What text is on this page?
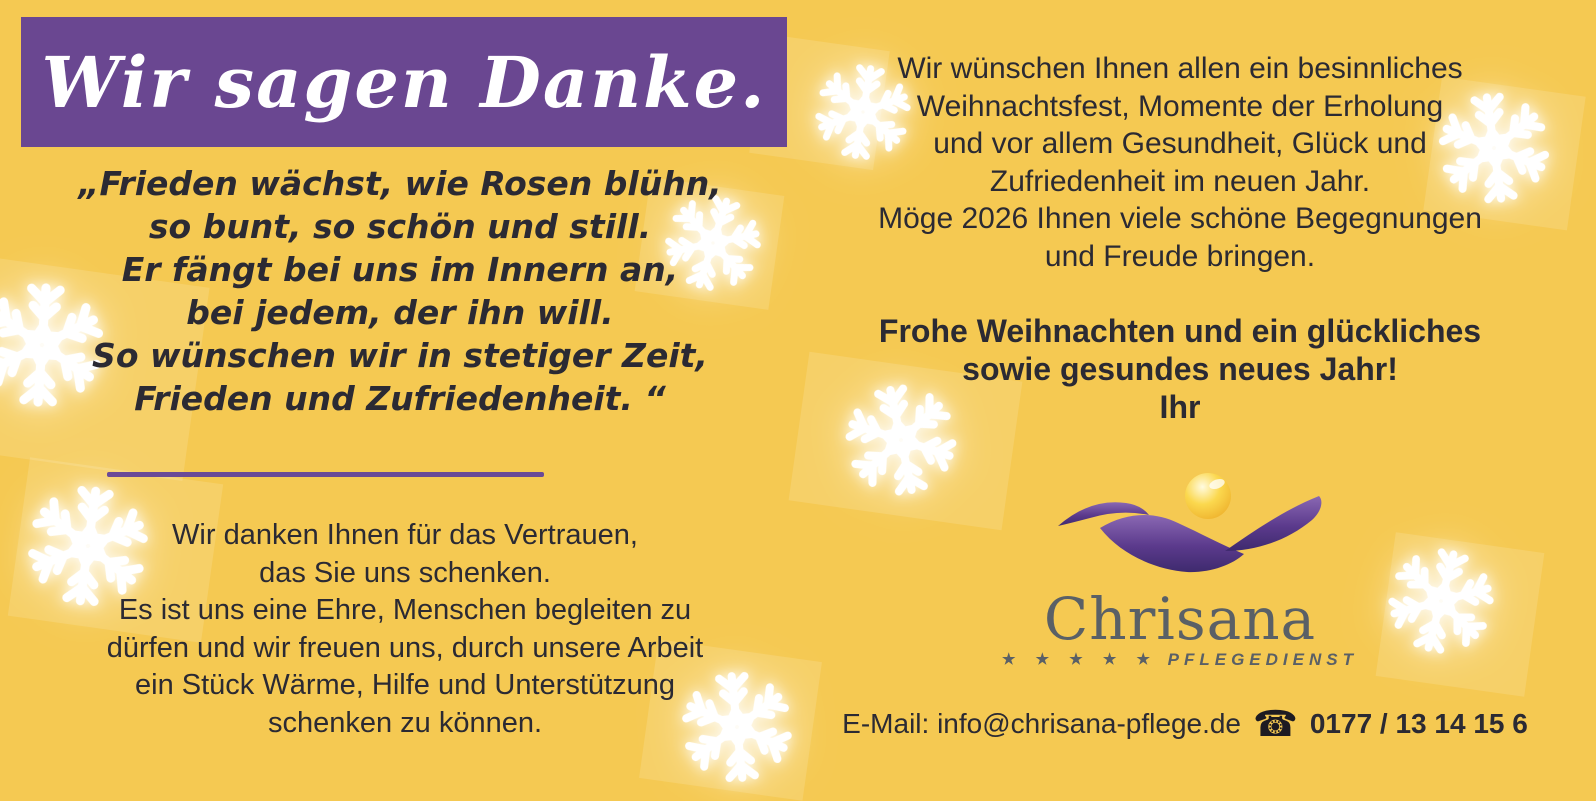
Wir sagen Danke.
„Frieden wächst, wie Rosen blühn,
so bunt, so schön und still.
Er fängt bei uns im Innern an,
bei jedem, der ihn will.
So wünschen wir in stetiger Zeit,
Frieden und Zufriedenheit. “
Wir danken Ihnen für das Vertrauen,
das Sie uns schenken.
Es ist uns eine Ehre, Menschen begleiten zu
dürfen und wir freuen uns, durch unsere Arbeit
ein Stück Wärme, Hilfe und Unterstützung
schenken zu können.
Wir wünschen Ihnen allen ein besinnliches
Weihnachtsfest, Momente der Erholung
und vor allem Gesundheit, Glück und
Zufriedenheit im neuen Jahr.
Möge 2026 Ihnen viele schöne Begegnungen
und Freude bringen.
Frohe Weihnachten und ein glückliches
sowie gesundes neues Jahr!
Ihr
Chrisana
★ ★ ★ ★ ★ PFLEGEDIENST
E-Mail: info@chrisana-pflege.de ☎ 0177 / 13 14 15 6
